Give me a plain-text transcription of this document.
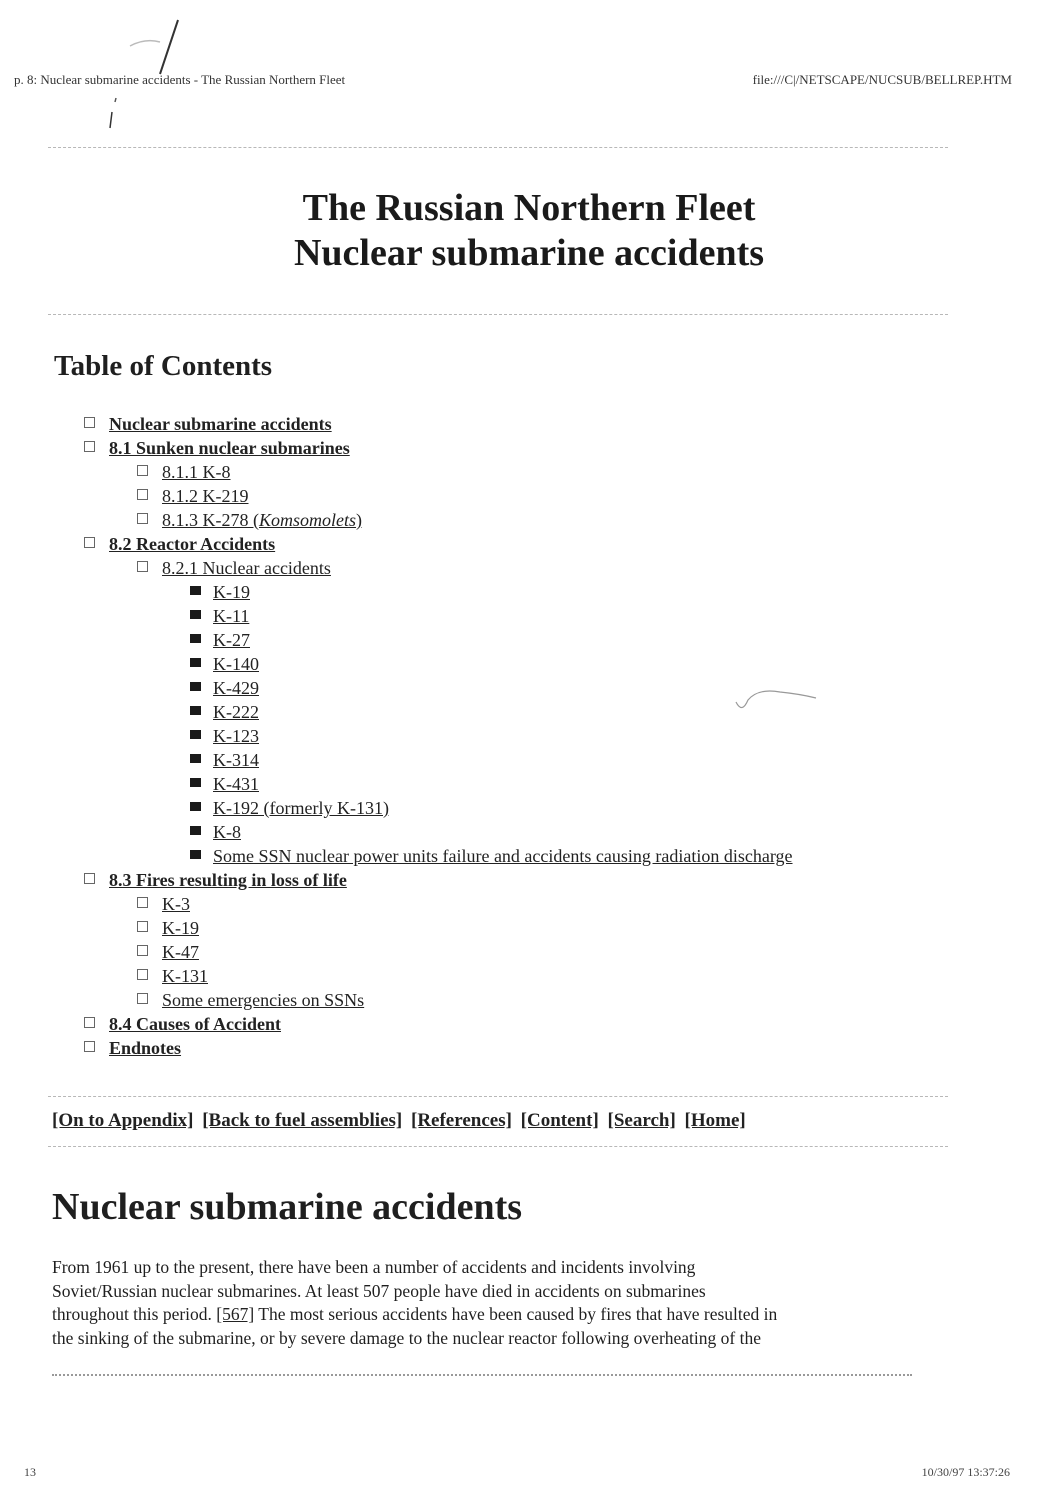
p. 8: Nuclear submarine accidents - The Russian Northern Fleet	file:///C|/NETSCAPE/NUCSUB/BELLREP.HTM
The Russian Northern Fleet
Nuclear submarine accidents
Table of Contents
Nuclear submarine accidents
8.1 Sunken nuclear submarines
8.1.1 K-8
8.1.2 K-219
8.1.3 K-278 (Komsomolets)
8.2 Reactor Accidents
8.2.1 Nuclear accidents
K-19
K-11
K-27
K-140
K-429
K-222
K-123
K-314
K-431
K-192 (formerly K-131)
K-8
Some SSN nuclear power units failure and accidents causing radiation discharge
8.3 Fires resulting in loss of life
K-3
K-19
K-47
K-131
Some emergencies on SSNs
8.4 Causes of Accident
Endnotes
[On to Appendix] [Back to fuel assemblies] [References] [Content] [Search] [Home]
Nuclear submarine accidents

From 1961 up to the present, there have been a number of accidents and incidents involving

Soviet/Russian nuclear submarines. At least 507 people have died in accidents on submarines

throughout this period. [567] The most serious accidents have been caused by fires that have resulted in

the sinking of the submarine, or by severe damage to the nuclear reactor following overheating of the

13	10/30/97 13:37:26
